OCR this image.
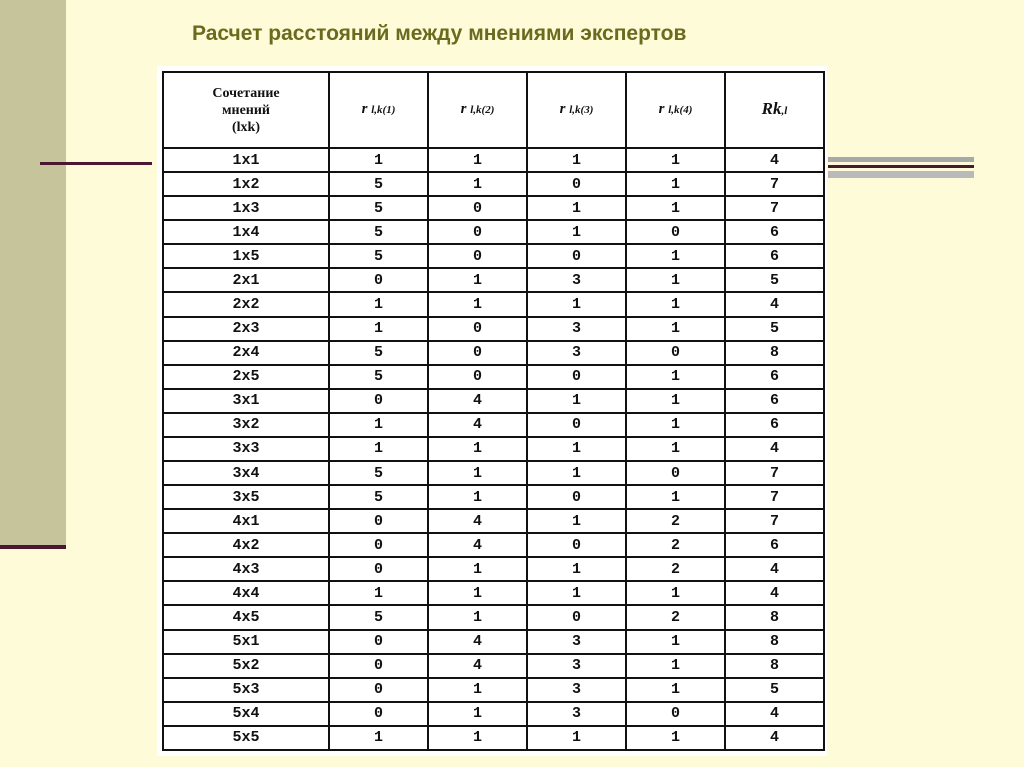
Расчет расстояний между мнениями экспертов
Сочетание
мнений
(lxk)	r l,k(1)	r l,k(2)	r l,k(3)	r l,k(4)	Rk,l
1x1	1	1	1	1	4
1x2	5	1	0	1	7
1x3	5	0	1	1	7
1x4	5	0	1	0	6
1x5	5	0	0	1	6
2x1	0	1	3	1	5
2x2	1	1	1	1	4
2x3	1	0	3	1	5
2x4	5	0	3	0	8
2x5	5	0	0	1	6
3x1	0	4	1	1	6
3x2	1	4	0	1	6
3x3	1	1	1	1	4
3x4	5	1	1	0	7
3x5	5	1	0	1	7
4x1	0	4	1	2	7
4x2	0	4	0	2	6
4x3	0	1	1	2	4
4x4	1	1	1	1	4
4x5	5	1	0	2	8
5x1	0	4	3	1	8
5x2	0	4	3	1	8
5x3	0	1	3	1	5
5x4	0	1	3	0	4
5x5	1	1	1	1	4
